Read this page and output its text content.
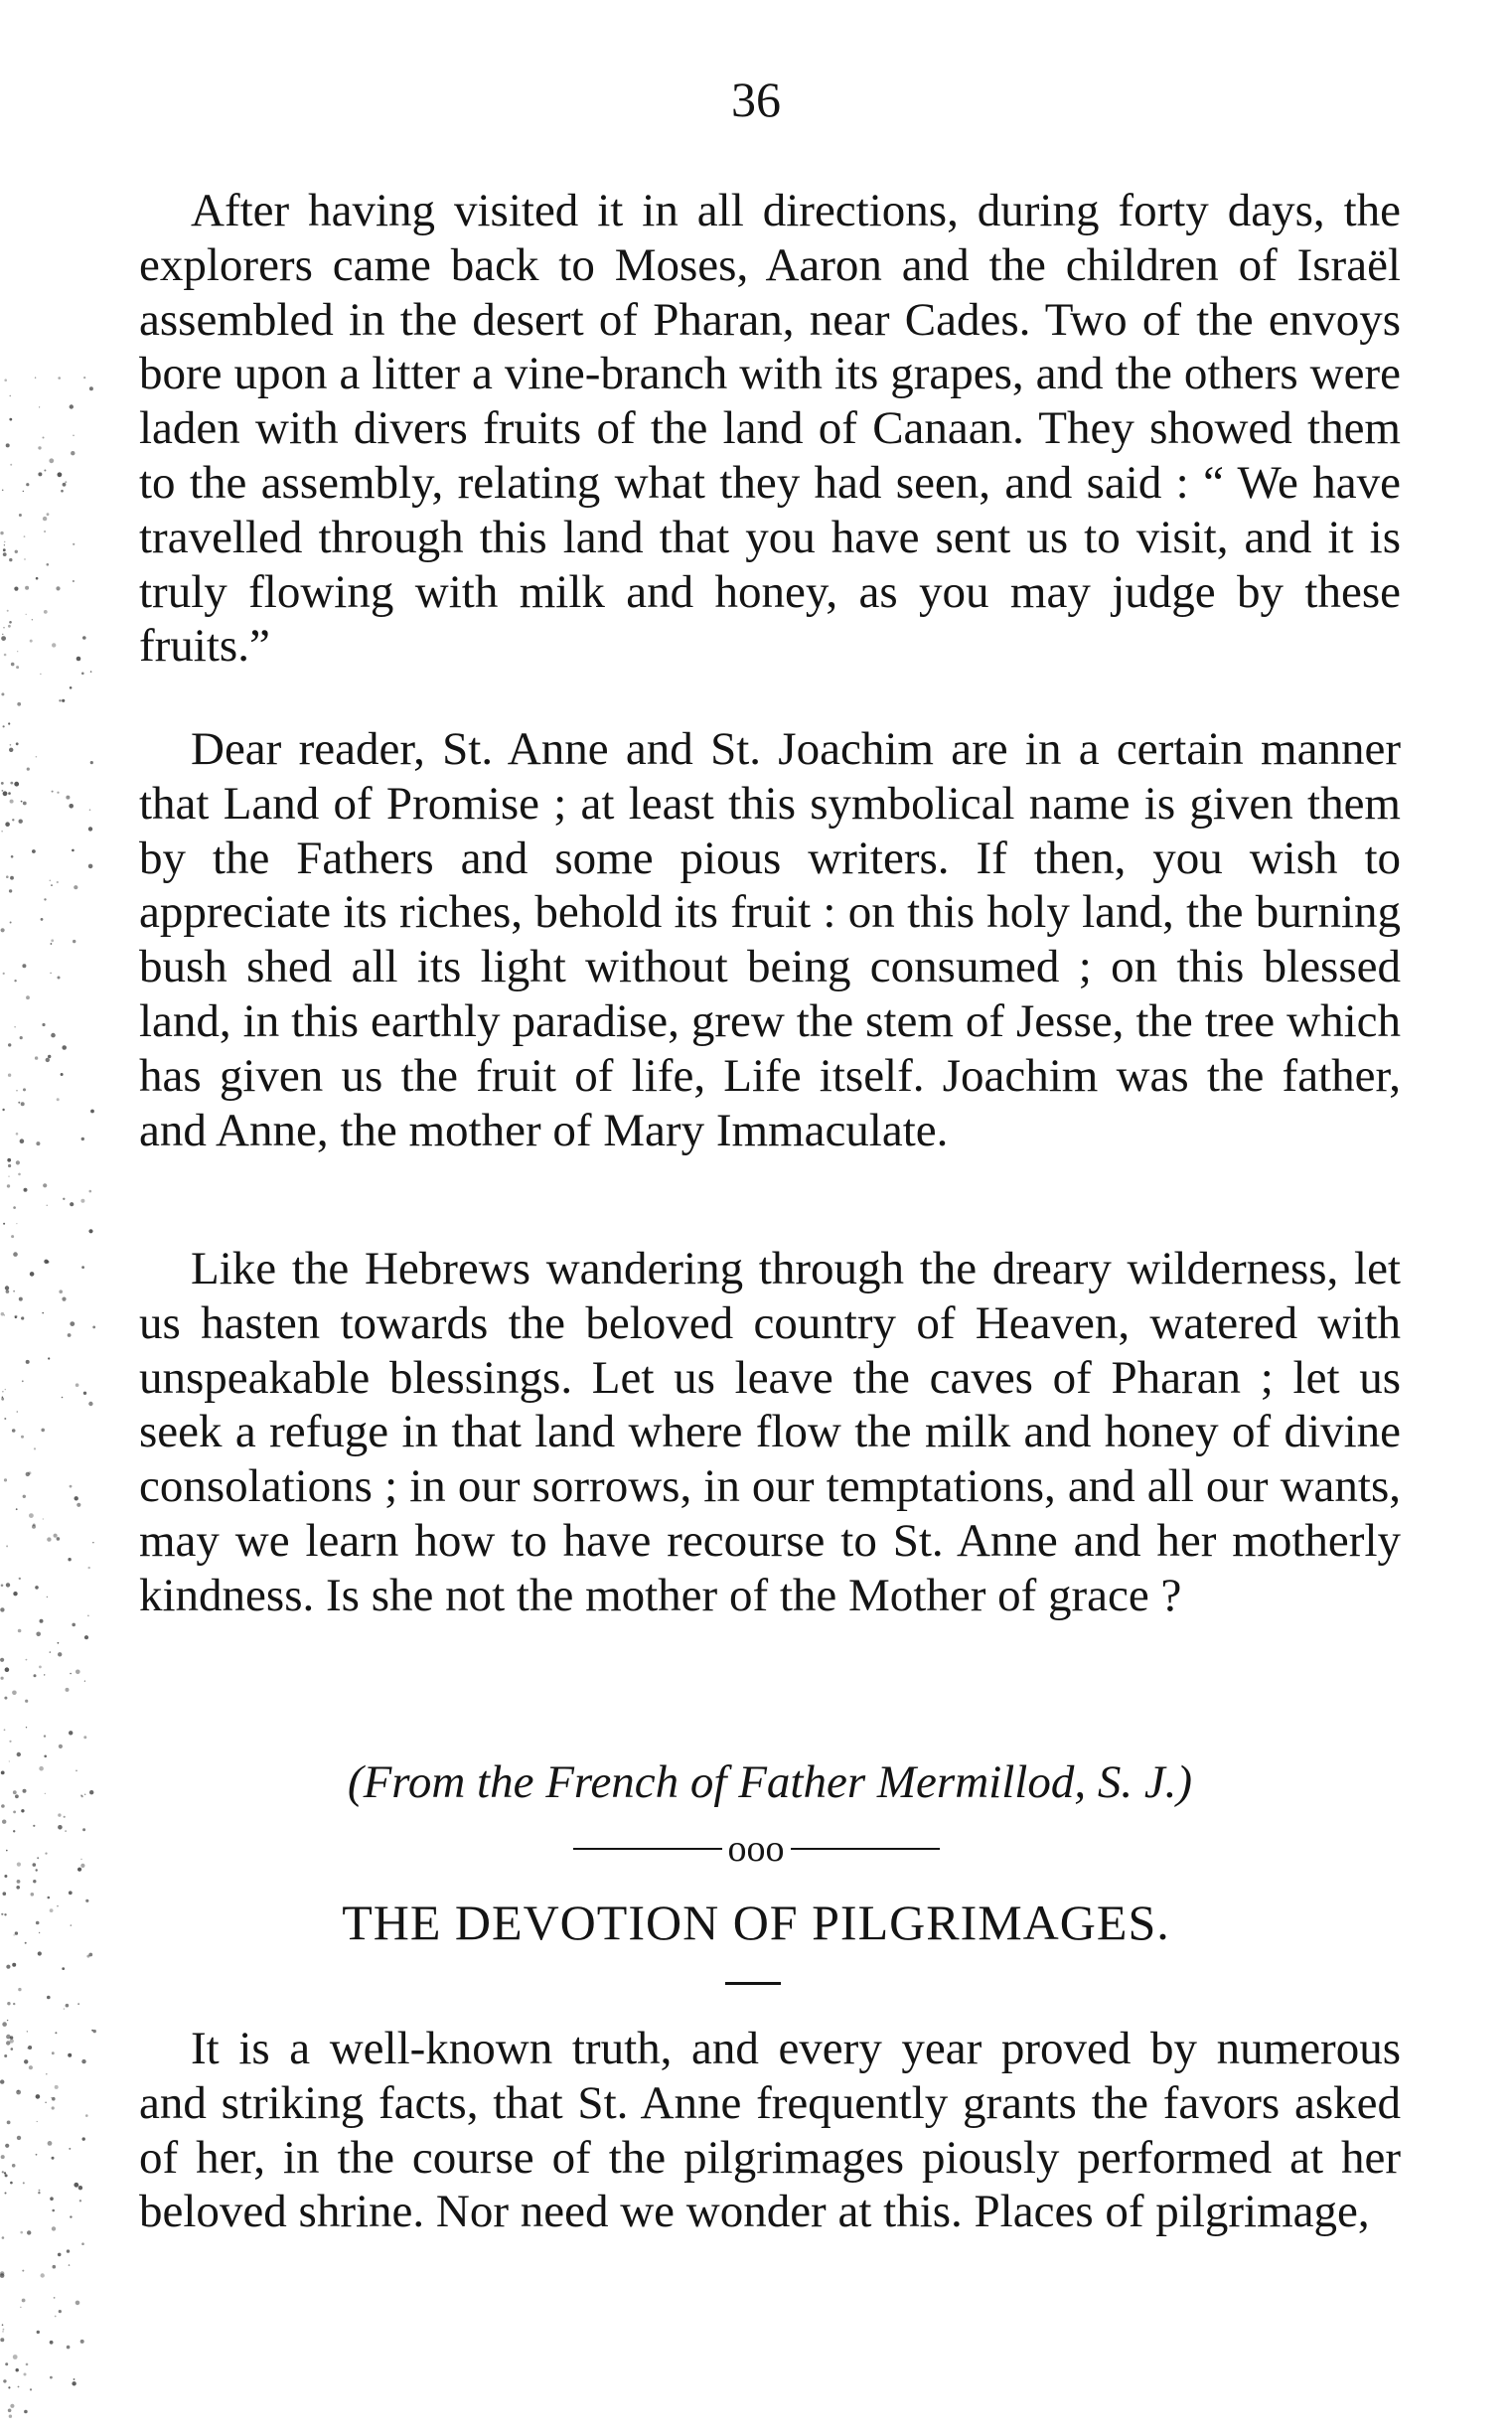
36

After having visited it in all directions, during forty days, the explorers came back to Moses, Aaron and the children of Israël assembled in the desert of Pharan, near Cades. Two of the envoys bore upon a litter a vine-branch with its grapes, and the others were laden with divers fruits of the land of Canaan. They showed them to the assembly, relating what they had seen, and said : “ We have travelled through this land that you have sent us to visit, and it is truly flowing with milk and honey, as you may judge by these fruits.”

Dear reader, St. Anne and St. Joachim are in a certain manner that Land of Promise ; at least this symbolical name is given them by the Fathers and some pious writers. If then, you wish to appreciate its riches, behold its fruit : on this holy land, the burning bush shed all its light without being consumed ; on this blessed land, in this earthly paradise, grew the stem of Jesse, the tree which has given us the fruit of life, Life itself. Joachim was the father, and Anne, the mother of Mary Immaculate.

Like the Hebrews wandering through the dreary wilderness, let us hasten towards the beloved country of Heaven, watered with unspeakable blessings. Let us leave the caves of Pharan ; let us seek a refuge in that land where flow the milk and honey of divine consolations ; in our sorrows, in our temptations, and all our wants, may we learn how to have recourse to St. Anne and her motherly kindness. Is she not the mother of the Mother of grace ?

(From the French of Father Mermillod, S. J.)
ooo
THE DEVOTION OF PILGRIMAGES.

It is a well-known truth, and every year proved by numerous and striking facts, that St. Anne frequently grants the favors asked of her, in the course of the pilgrimages piously performed at her beloved shrine. Nor need we wonder at this. Places of pilgrimage,
